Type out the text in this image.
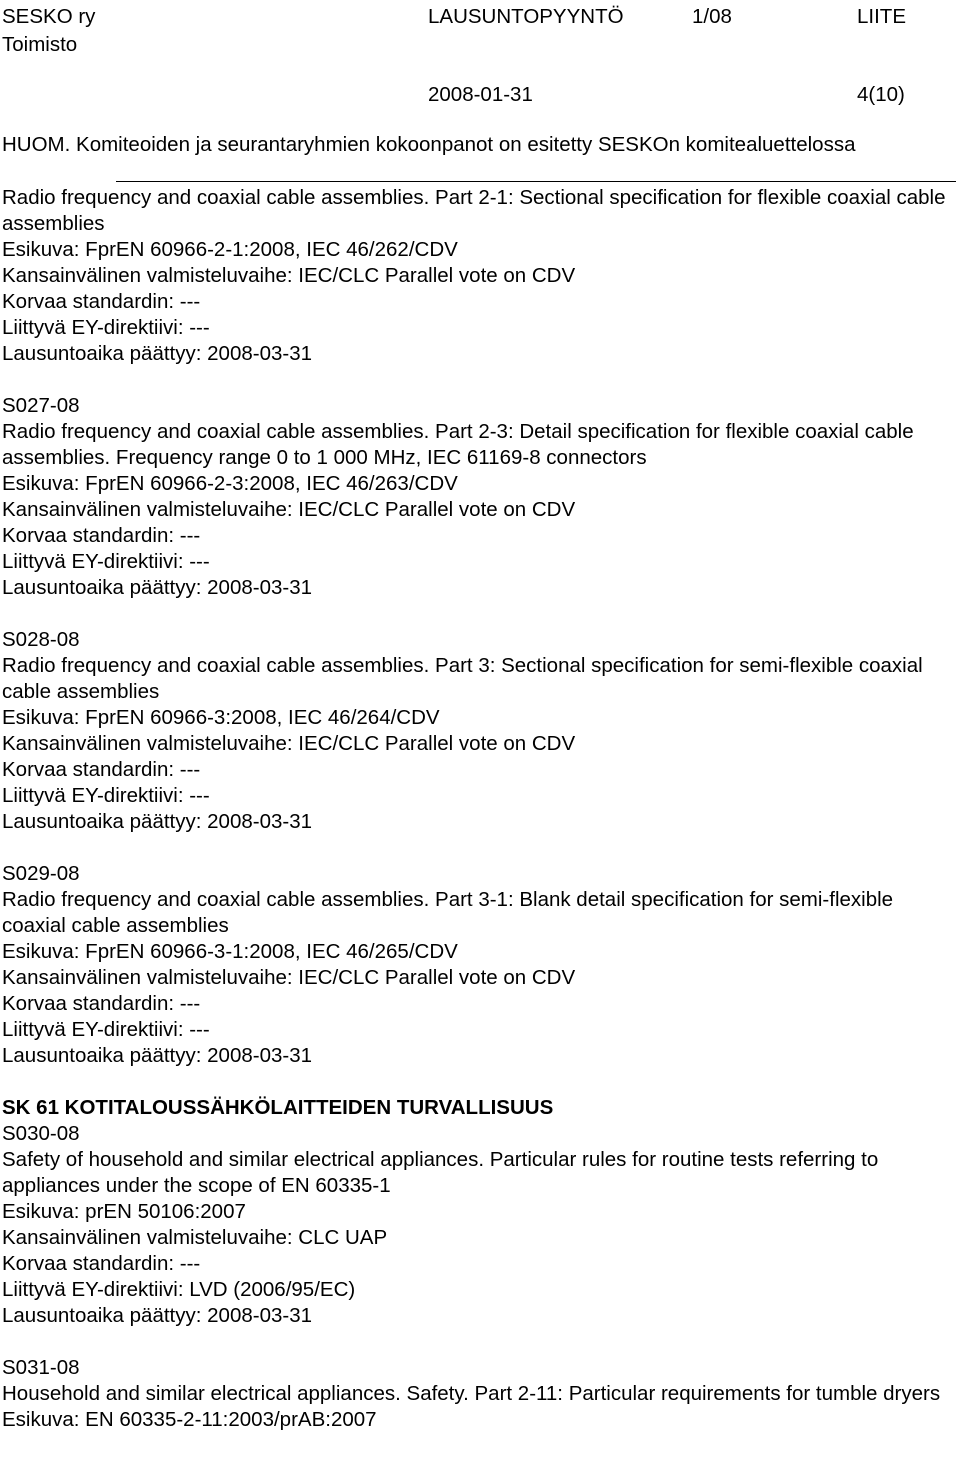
SESKO ry
Toimisto
LAUSUNTOPYYNTÖ	1/08	LIITE
2008-01-31	4(10)
HUOM. Komiteoiden ja seurantaryhmien kokoonpanot on esitetty SESKOn komitealuettelossa
Radio frequency and coaxial cable assemblies. Part 2-1: Sectional specification for flexible coaxial cable assemblies
Esikuva: FprEN 60966-2-1:2008, IEC 46/262/CDV
Kansainvälinen valmisteluvaihe: IEC/CLC Parallel vote on CDV
Korvaa standardin: ---
Liittyvä EY-direktiivi: ---
Lausuntoaika päättyy: 2008-03-31
S027-08
Radio frequency and coaxial cable assemblies. Part 2-3: Detail specification for flexible coaxial cable assemblies. Frequency range 0 to 1 000 MHz, IEC 61169-8 connectors
Esikuva: FprEN 60966-2-3:2008, IEC 46/263/CDV
Kansainvälinen valmisteluvaihe: IEC/CLC Parallel vote on CDV
Korvaa standardin: ---
Liittyvä EY-direktiivi: ---
Lausuntoaika päättyy: 2008-03-31
S028-08
Radio frequency and coaxial cable assemblies. Part 3: Sectional specification for semi-flexible coaxial cable assemblies
Esikuva: FprEN 60966-3:2008, IEC 46/264/CDV
Kansainvälinen valmisteluvaihe: IEC/CLC Parallel vote on CDV
Korvaa standardin: ---
Liittyvä EY-direktiivi: ---
Lausuntoaika päättyy: 2008-03-31
S029-08
Radio frequency and coaxial cable assemblies. Part 3-1: Blank detail specification for semi-flexible coaxial cable assemblies
Esikuva: FprEN 60966-3-1:2008, IEC 46/265/CDV
Kansainvälinen valmisteluvaihe: IEC/CLC Parallel vote on CDV
Korvaa standardin: ---
Liittyvä EY-direktiivi: ---
Lausuntoaika päättyy: 2008-03-31
SK 61 KOTITALOUSSÄHKÖLAITTEIDEN TURVALLISUUS
S030-08
Safety of household and similar electrical appliances. Particular rules for routine tests referring to appliances under the scope of EN 60335-1
Esikuva: prEN 50106:2007
Kansainvälinen valmisteluvaihe: CLC UAP
Korvaa standardin: ---
Liittyvä EY-direktiivi: LVD (2006/95/EC)
Lausuntoaika päättyy: 2008-03-31
S031-08
Household and similar electrical appliances. Safety. Part 2-11: Particular requirements for tumble dryers
Esikuva: EN 60335-2-11:2003/prAB:2007
